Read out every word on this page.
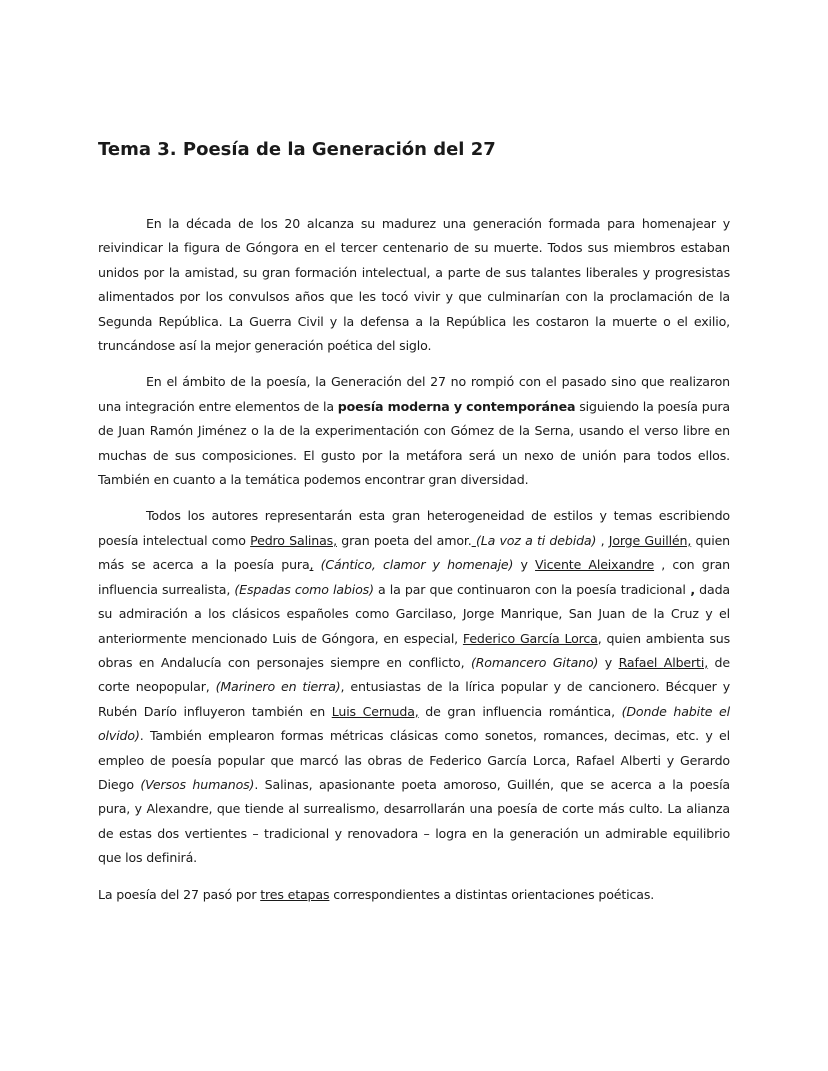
Tema 3. Poesía de la Generación del 27

En la década de los 20 alcanza su madurez una generación formada para homenajear y reivindicar la figura de Góngora en el tercer centenario de su muerte. Todos sus miembros estaban unidos por la amistad, su gran formación intelectual, a parte de sus talantes liberales y progresistas alimentados por los convulsos años que les tocó vivir y que culminarían con la proclamación de la Segunda República. La Guerra Civil y la defensa a la República les costaron la muerte o el exilio, truncándose así la mejor generación poética del siglo.

En el ámbito de la poesía, la Generación del 27 no rompió con el pasado sino que realizaron una integración entre elementos de la poesía moderna y contemporánea siguiendo la poesía pura de Juan Ramón Jiménez o la de la experimentación con Gómez de la Serna, usando el verso libre en muchas de sus composiciones. El gusto por la metáfora será un nexo de unión para todos ellos. También en cuanto a la temática podemos encontrar gran diversidad.

Todos los autores representarán esta gran heterogeneidad de estilos y temas escribiendo poesía intelectual como Pedro Salinas, gran poeta del amor. (La voz a ti debida) , Jorge Guillén, quien más se acerca a la poesía pura, (Cántico, clamor y homenaje) y Vicente Aleixandre , con gran influencia surrealista, (Espadas como labios) a la par que continuaron con la poesía tradicional , dada su admiración a los clásicos españoles como Garcilaso, Jorge Manrique, San Juan de la Cruz y el anteriormente mencionado Luis de Góngora, en especial, Federico García Lorca, quien ambienta sus obras en Andalucía con personajes siempre en conflicto, (Romancero Gitano) y Rafael Alberti, de corte neopopular, (Marinero en tierra), entusiastas de la lírica popular y de cancionero. Bécquer y Rubén Darío influyeron también en Luis Cernuda, de gran influencia romántica, (Donde habite el olvido). También emplearon formas métricas clásicas como sonetos, romances, decimas, etc. y el empleo de poesía popular que marcó las obras de Federico García Lorca, Rafael Alberti y Gerardo Diego (Versos humanos). Salinas, apasionante poeta amoroso, Guillén, que se acerca a la poesía pura, y Alexandre, que tiende al surrealismo, desarrollarán una poesía de corte más culto. La alianza de estas dos vertientes – tradicional y renovadora – logra en la generación un admirable equilibrio que los definirá.

La poesía del 27 pasó por tres etapas correspondientes a distintas orientaciones poéticas.
